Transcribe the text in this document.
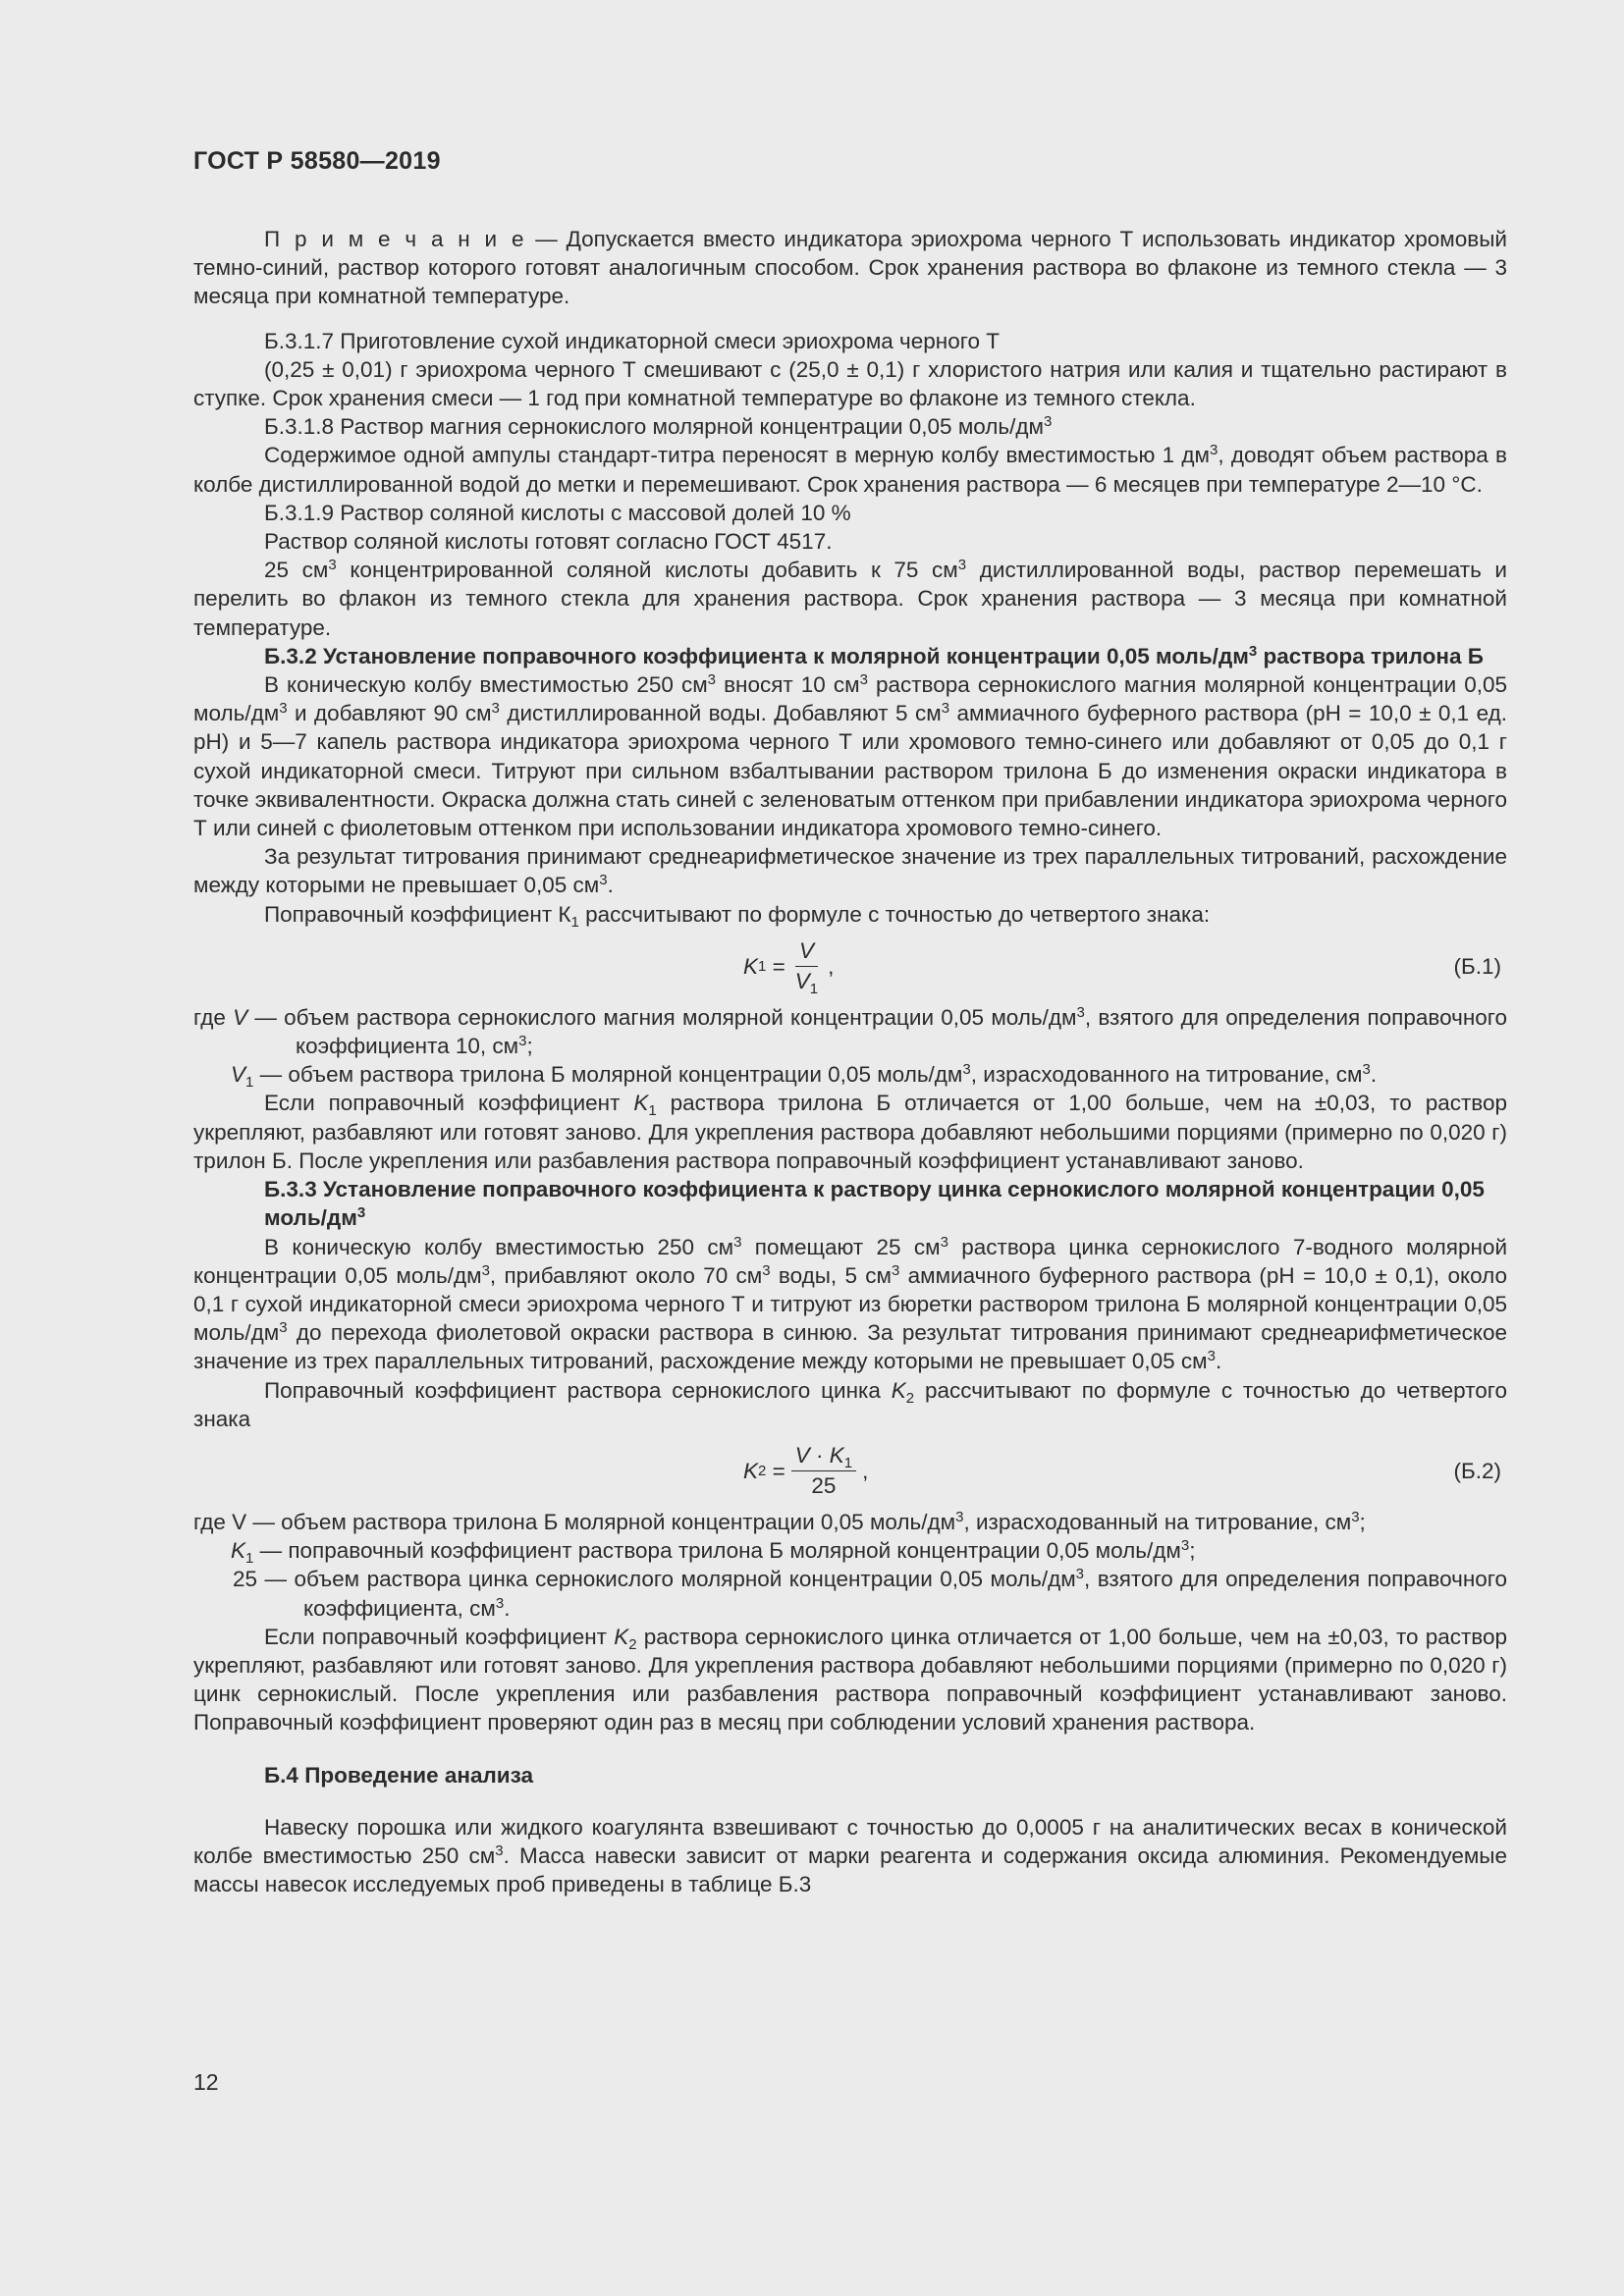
ГОСТ Р 58580—2019

П р и м е ч а н и е — Допускается вместо индикатора эриохрома черного Т использовать индикатор хромовый темно-синий, раствор которого готовят аналогичным способом. Срок хранения раствора во флаконе из темного стекла — 3 месяца при комнатной температуре.

Б.3.1.7 Приготовление сухой индикаторной смеси эриохрома черного Т

(0,25 ± 0,01) г эриохрома черного Т смешивают с (25,0 ± 0,1) г хлористого натрия или калия и тщательно растирают в ступке. Срок хранения смеси — 1 год при комнатной температуре во флаконе из темного стекла.

Б.3.1.8 Раствор магния сернокислого молярной концентрации 0,05 моль/$дм^3$

Содержимое одной ампулы стандарт-титра переносят в мерную колбу вместимостью 1 $дм^3$, доводят объем раствора в колбе дистиллированной водой до метки и перемешивают. Срок хранения раствора — 6 месяцев при температуре 2—10 °С.

Б.3.1.9 Раствор соляной кислоты с массовой долей 10 %

Раствор соляной кислоты готовят согласно ГОСТ 4517.

25 $см^3$ концентрированной соляной кислоты добавить к 75 $см^3$ дистиллированной воды, раствор перемешать и перелить во флакон из темного стекла для хранения раствора. Срок хранения раствора — 3 месяца при комнатной температуре.

Б.3.2 Установление поправочного коэффициента к молярной концентрации 0,05 моль/$дм^3$ раствора трилона Б

В коническую колбу вместимостью 250 $см^3$ вносят 10 $см^3$ раствора сернокислого магния молярной концентрации 0,05 моль/$дм^3$ и добавляют 90 $см^3$ дистиллированной воды. Добавляют 5 $см^3$ аммиачного буферного раствора (рН = 10,0 ± 0,1 ед. рН) и 5—7 капель раствора индикатора эриохрома черного Т или хромового темно-синего или добавляют от 0,05 до 0,1 г сухой индикаторной смеси. Титруют при сильном взбалтывании раствором трилона Б до изменения окраски индикатора в точке эквивалентности. Окраска должна стать синей с зеленоватым оттенком при прибавлении индикатора эриохрома черного Т или синей с фиолетовым оттенком при использовании индикатора хромового темно-синего.

За результат титрования принимают среднеарифметическое значение из трех параллельных титрований, расхождение между которыми не превышает 0,05 $см^3$.

Поправочный коэффициент $К_1$ рассчитывают по формуле с точностью до четвертого знака:

K $1 = \frac{V}{V_1}$ ,	(Б.1)

где V — объем раствора сернокислого магния молярной концентрации 0,05 моль/$дм^3$, взятого для определения поправочного коэффициента 10, $см^3$;

$V_1$ — объем раствора трилона Б молярной концентрации 0,05 моль/$дм^3$, израсходованного на титрование, $см^3$.

Если поправочный коэффициент $K_1$ раствора трилона Б отличается от 1,00 больше, чем на ±0,03, то раствор укрепляют, разбавляют или готовят заново. Для укрепления раствора добавляют небольшими порциями (примерно по 0,020 г) трилон Б. После укрепления или разбавления раствора поправочный коэффициент устанавливают заново.

Б.3.3 Установление поправочного коэффициента к раствору цинка сернокислого молярной концентрации 0,05 моль/$дм^3$

В коническую колбу вместимостью 250 $см^3$ помещают 25 $см^3$ раствора цинка сернокислого 7-водного молярной концентрации 0,05 моль/$дм^3$, прибавляют около 70 $см^3$ воды, 5 $см^3$ аммиачного буферного раствора (рН = 10,0 ± 0,1), около 0,1 г сухой индикаторной смеси эриохрома черного Т и титруют из бюретки раствором трилона Б молярной концентрации 0,05 моль/$дм^3$ до перехода фиолетовой окраски раствора в синюю. За результат титрования принимают среднеарифметическое значение из трех параллельных титрований, расхождение между которыми не превышает 0,05 $см^3$.

Поправочный коэффициент раствора сернокислого цинка $K_2$ рассчитывают по формуле с точностью до четвертого знака

K $2 = \frac{V \cdot K_1}{25}$ ,	(Б.2)

где V — объем раствора трилона Б молярной концентрации 0,05 моль/$дм^3$, израсходованный на титрование, $см^3$;

$K_1$ — поправочный коэффициент раствора трилона Б молярной концентрации 0,05 моль/$дм^3$;

25 — объем раствора цинка сернокислого молярной концентрации 0,05 моль/$дм^3$, взятого для определения поправочного коэффициента, $см^3$.

Если поправочный коэффициент $K_2$ раствора сернокислого цинка отличается от 1,00 больше, чем на ±0,03, то раствор укрепляют, разбавляют или готовят заново. Для укрепления раствора добавляют небольшими порциями (примерно по 0,020 г) цинк сернокислый. После укрепления или разбавления раствора поправочный коэффициент устанавливают заново. Поправочный коэффициент проверяют один раз в месяц при соблюдении условий хранения раствора.

Б.4 Проведение анализа

Навеску порошка или жидкого коагулянта взвешивают с точностью до 0,0005 г на аналитических весах в конической колбе вместимостью 250 $см^3$. Масса навески зависит от марки реагента и содержания оксида алюминия. Рекомендуемые массы навесок исследуемых проб приведены в таблице Б.3

12
